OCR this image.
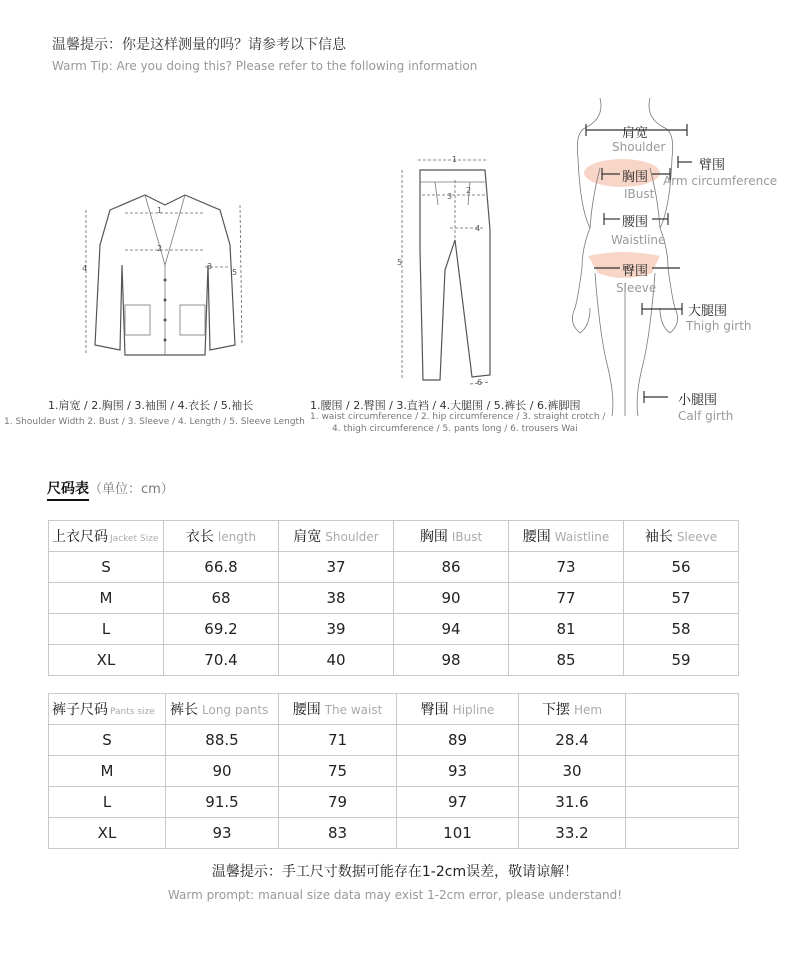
温馨提示：你是这样测量的吗？请参考以下信息
Warm Tip: Are you doing this? Please refer to the following information
1
2
3
4	5
1.肩宽 / 2.胸围 / 3.袖围 / 4.衣长 / 5.袖长
1. Shoulder Width 2. Bust / 3. Sleeve / 4. Length / 5. Sleeve Length
1
2
3
4
5
6
1.腰围 / 2.臀围 / 3.直裆 / 4.大腿围 / 5.裤长 / 6.裤脚围
1. waist circumference / 2. hip circumference / 3. straight crotch /
4. thigh circumference / 5. pants long / 6. trousers Wai
肩宽
Shoulder
臂围
Arm circumference
胸围
IBust
腰围
Waistline
臀围
Sleeve
大腿围
Thigh girth
小腿围
Calf girth
尺码表（单位：cm）
上衣尺码 Jacket Size	衣长 length	肩宽 Shoulder	胸围 IBust	腰围 Waistline	袖长 Sleeve
S	66.8	37	86	73	56
M	68	38	90	77	57
L	69.2	39	94	81	58
XL	70.4	40	98	85	59
裤子尺码 Pants size	裤长 Long pants	腰围 The waist	臀围 Hipline	下摆 Hem	
S	88.5	71	89	28.4	
M	90	75	93	30	
L	91.5	79	97	31.6	
XL	93	83	101	33.2	
温馨提示：手工尺寸数据可能存在1-2cm误差，敬请谅解！
Warm prompt: manual size data may exist 1-2cm error, please understand!
